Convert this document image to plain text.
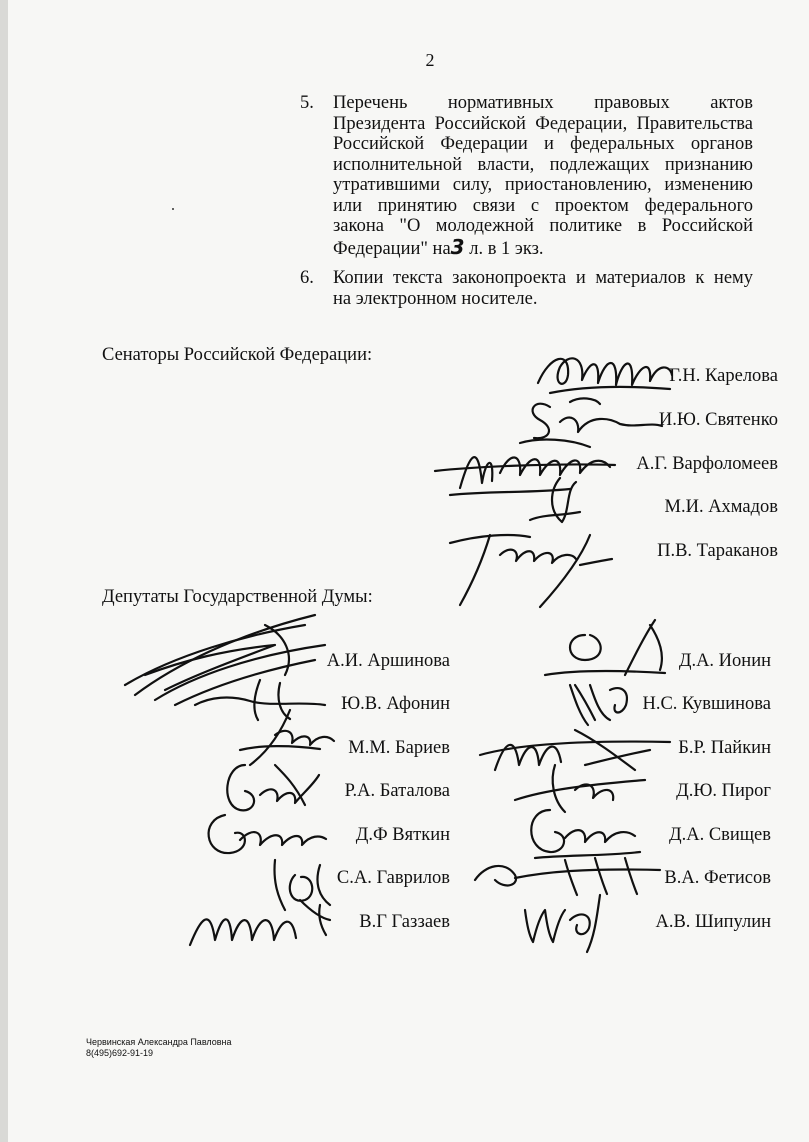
2
5. Перечень нормативных правовых актов
Президента Российской Федерации, Правительства
Российской Федерации и федеральных органов
исполнительной власти, подлежащих признанию
утратившими силу, приостановлению, изменению
или принятию связи с проектом федерального
закона "О молодежной политике в Российской
Федерации" на3 л. в 1 экз.
6. Копии текста законопроекта и материалов к нему
на электронном носителе.
Сенаторы Российской Федерации:
Г.Н. Карелова
И.Ю. Святенко
А.Г. Варфоломеев
М.И. Ахмадов
П.В. Тараканов
Депутаты Государственной Думы:
А.И. Аршинова
Ю.В. Афонин
М.М. Бариев
Р.А. Баталова
Д.Ф Вяткин
С.А. Гаврилов
В.Г Газзаев
Д.А. Ионин
Н.С. Кувшинова
Б.Р. Пайкин
Д.Ю. Пирог
Д.А. Свищев
В.А. Фетисов
А.В. Шипулин
Червинская Александра Павловна
8(495)692-91-19
